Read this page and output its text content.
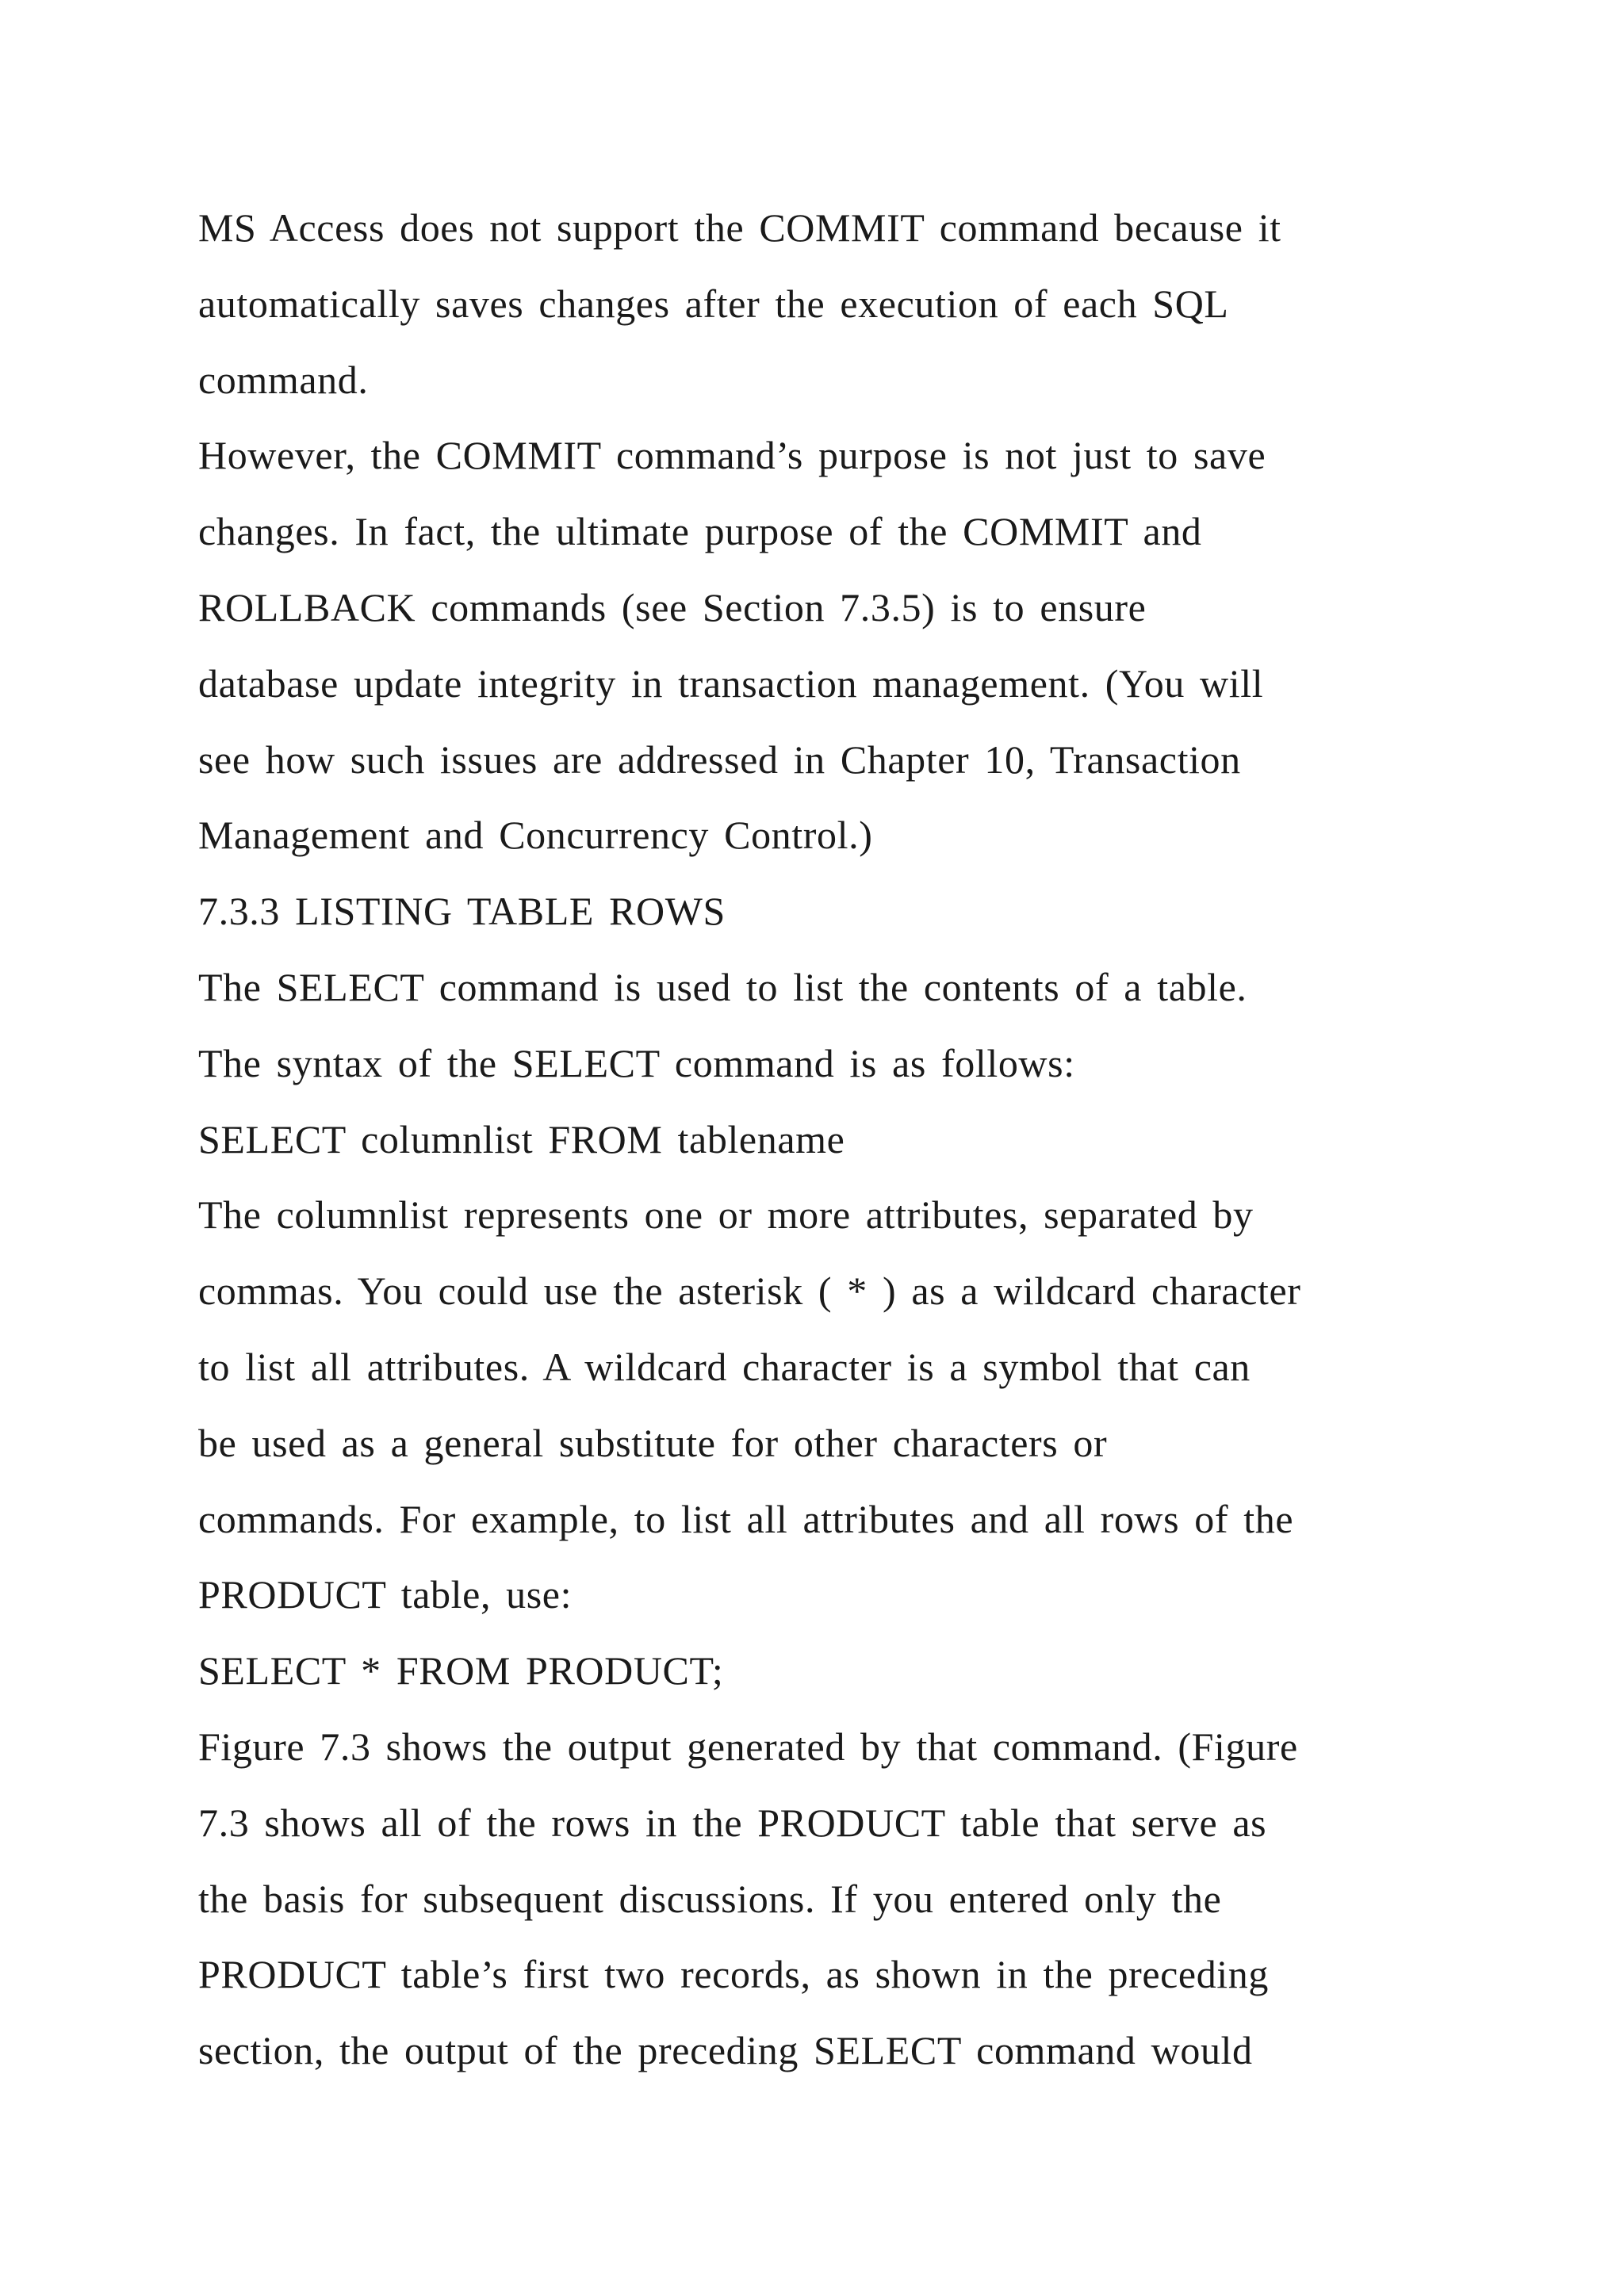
MS Access does not support the COMMIT command because it
automatically saves changes after the execution of each SQL
command.
However, the COMMIT command’s purpose is not just to save
changes. In fact, the ultimate purpose of the COMMIT and
ROLLBACK commands (see Section 7.3.5) is to ensure
database update integrity in transaction management. (You will
see how such issues are addressed in Chapter 10, Transaction
Management and Concurrency Control.)
7.3.3 LISTING TABLE ROWS
The SELECT command is used to list the contents of a table.
The syntax of the SELECT command is as follows:
SELECT columnlist FROM tablename
The columnlist represents one or more attributes, separated by
commas. You could use the asterisk ( * ) as a wildcard character
to list all attributes. A wildcard character is a symbol that can
be used as a general substitute for other characters or
commands. For example, to list all attributes and all rows of the
PRODUCT table, use:
SELECT * FROM PRODUCT;
Figure 7.3 shows the output generated by that command. (Figure
7.3 shows all of the rows in the PRODUCT table that serve as
the basis for subsequent discussions. If you entered only the
PRODUCT table’s first two records, as shown in the preceding
section, the output of the preceding SELECT command would
